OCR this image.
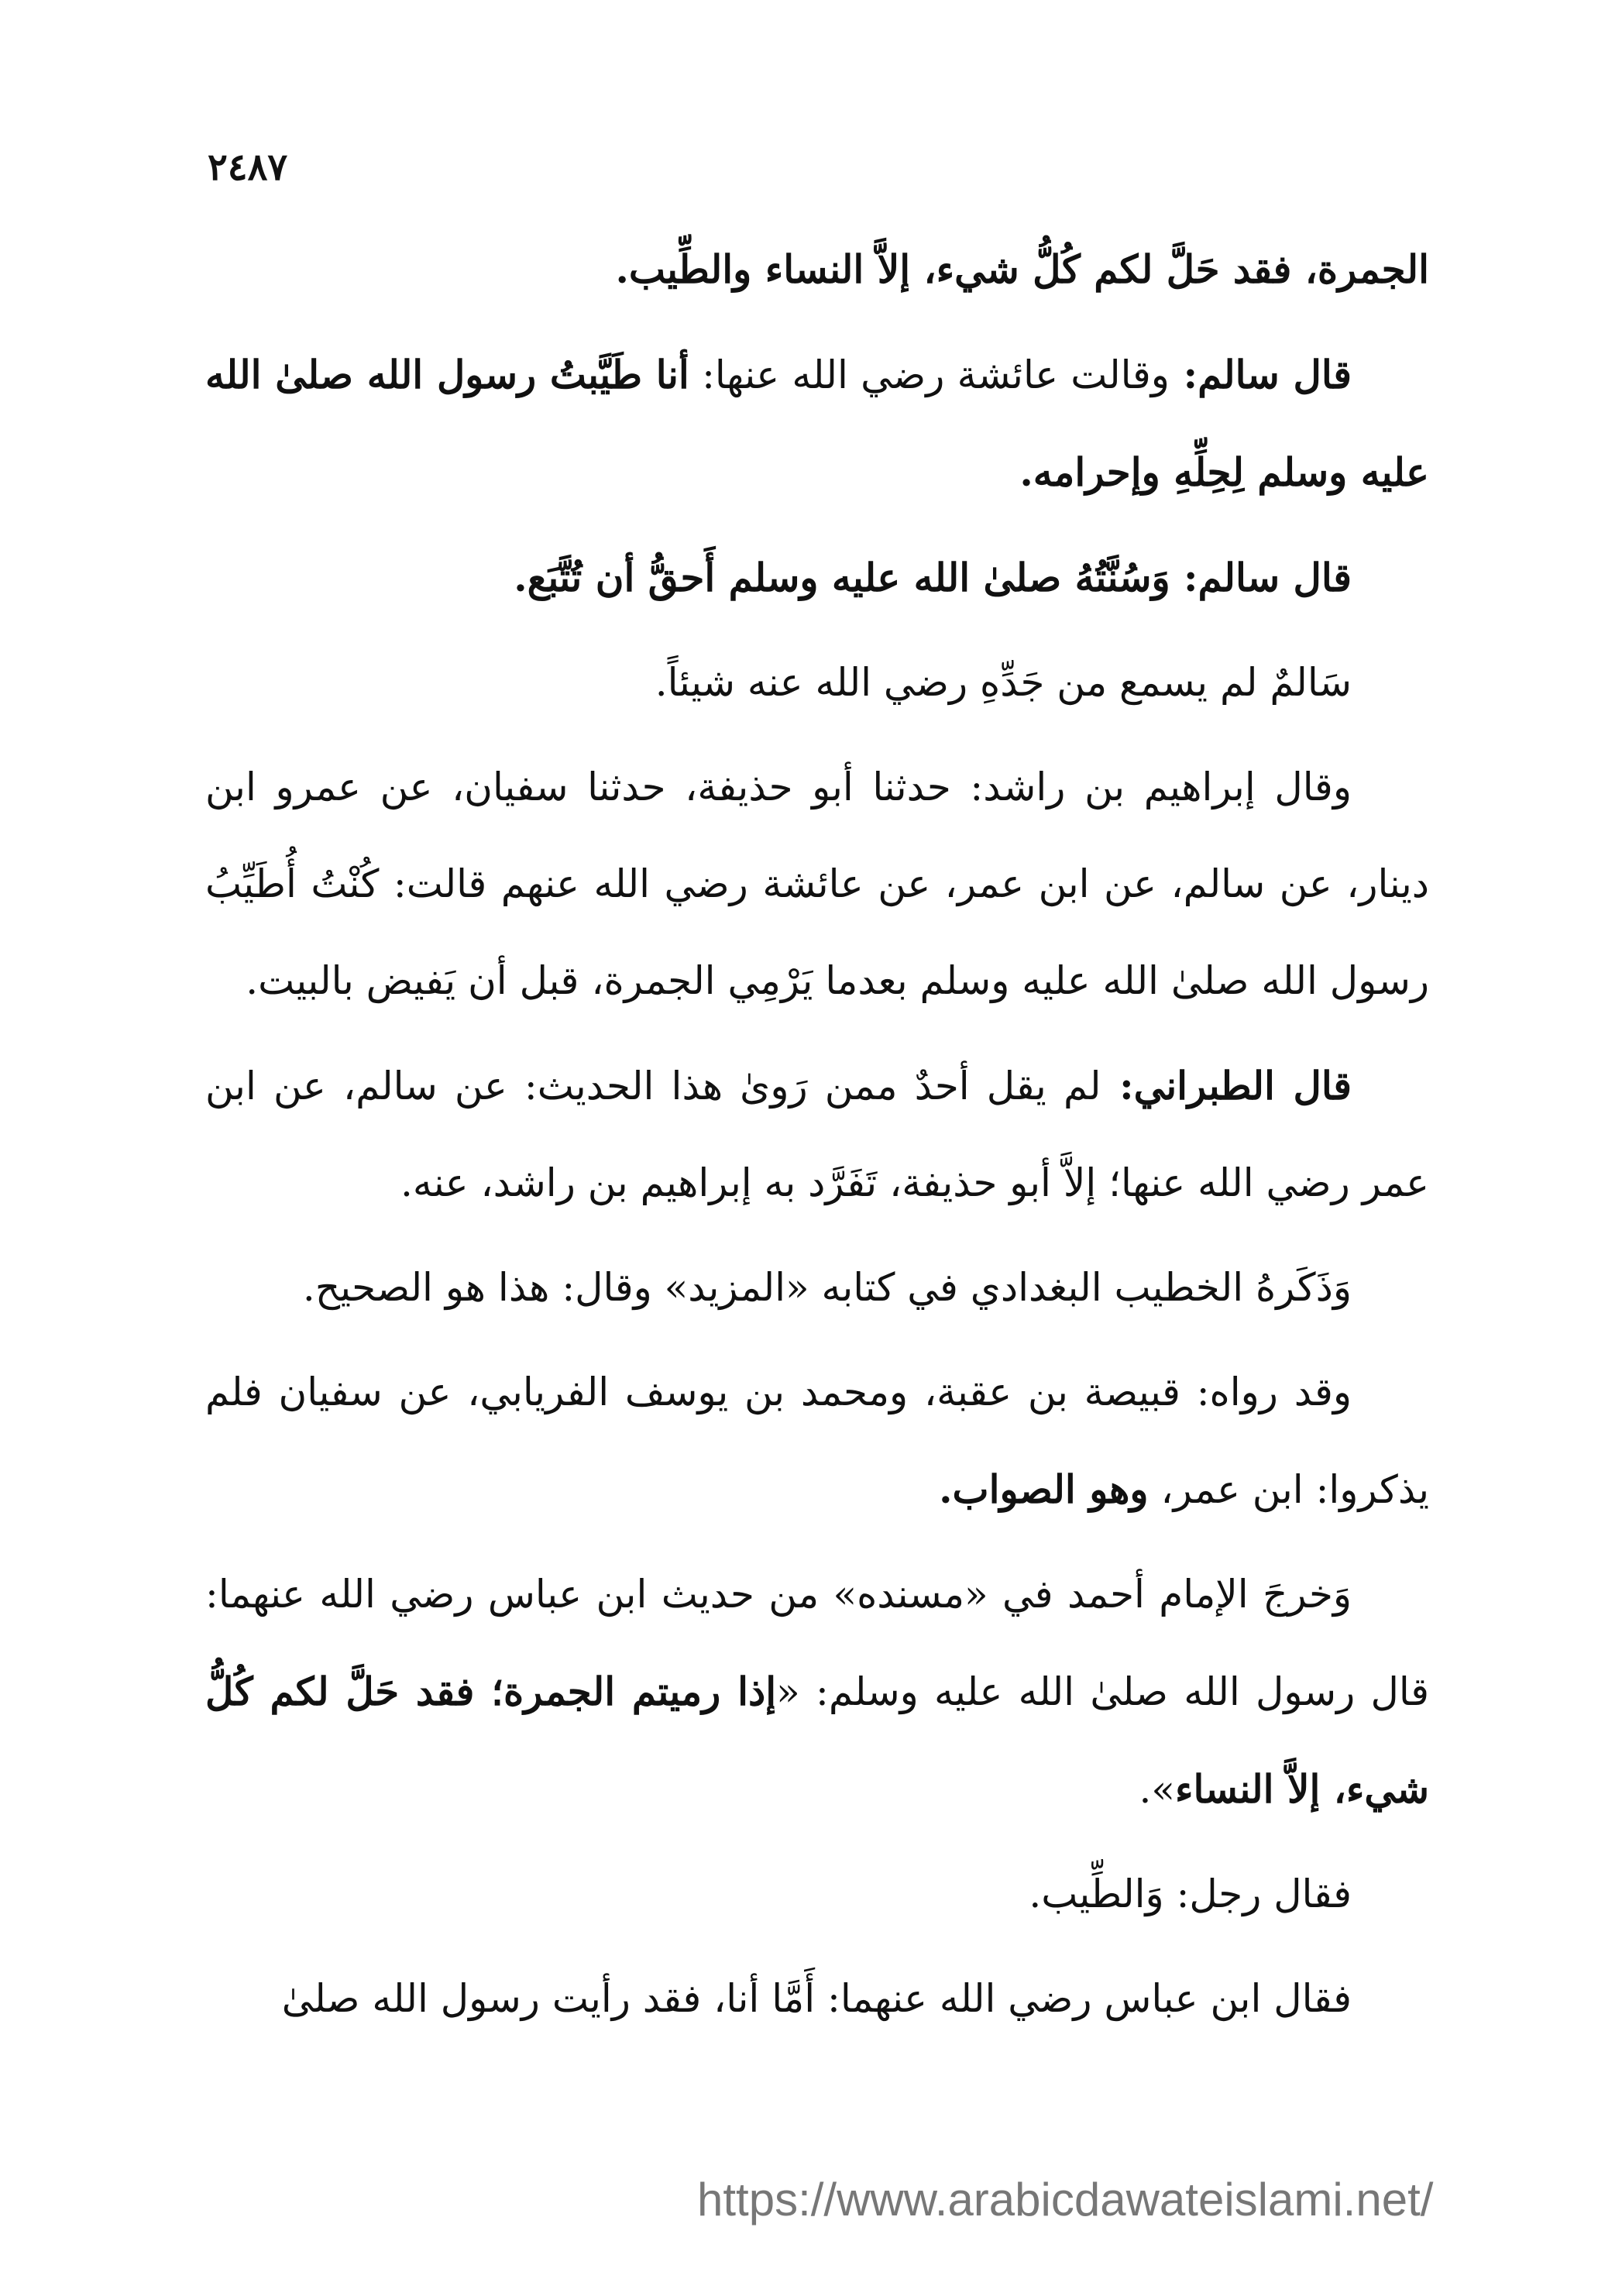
٢٤٨٧

الجمرة، فقد حَلَّ لكم كُلُّ شيء، إلاَّ النساء والطِّيب.

قال سالم: وقالت عائشة رضي الله عنها: أنا طَيَّبتُ رسول الله صلىٰ الله عليه وسلم لِحِلِّهِ وإحرامه.

قال سالم: وَسُنَّتُهُ صلىٰ الله عليه وسلم أَحقُّ أن تُتَّبَع.

سَالمٌ لم يسمع من جَدِّهِ رضي الله عنه شيئاً.

وقال إبراهيم بن راشد: حدثنا أبو حذيفة، حدثنا سفيان، عن عمرو ابن دينار، عن سالم، عن ابن عمر، عن عائشة رضي الله عنهم قالت: كُنْتُ أُطَيِّبُ رسول الله صلىٰ الله عليه وسلم بعدما يَرْمِي الجمرة، قبل أن يَفيض بالبيت.

قال الطبراني: لم يقل أحدٌ ممن رَوىٰ هذا الحديث: عن سالم، عن ابن عمر رضي الله عنها؛ إلاَّ أبو حذيفة، تَفَرَّد به إبراهيم بن راشد، عنه.

وَذَكَرهُ الخطيب البغدادي في كتابه «المزيد» وقال: هذا هو الصحيح.

وقد رواه: قبيصة بن عقبة، ومحمد بن يوسف الفريابي، عن سفيان فلم يذكروا: ابن عمر، وهو الصواب.

وَخرجَ الإمام أحمد في «مسنده» من حديث ابن عباس رضي الله عنهما: قال رسول الله صلىٰ الله عليه وسلم: «إذا رميتم الجمرة؛ فقد حَلَّ لكم كُلُّ شيء، إلاَّ النساء».

فقال رجل: وَالطِّيب.

فقال ابن عباس رضي الله عنهما: أَمَّا أنا، فقد رأيت رسول الله صلىٰ

https://www.arabicdawateislami.net/
